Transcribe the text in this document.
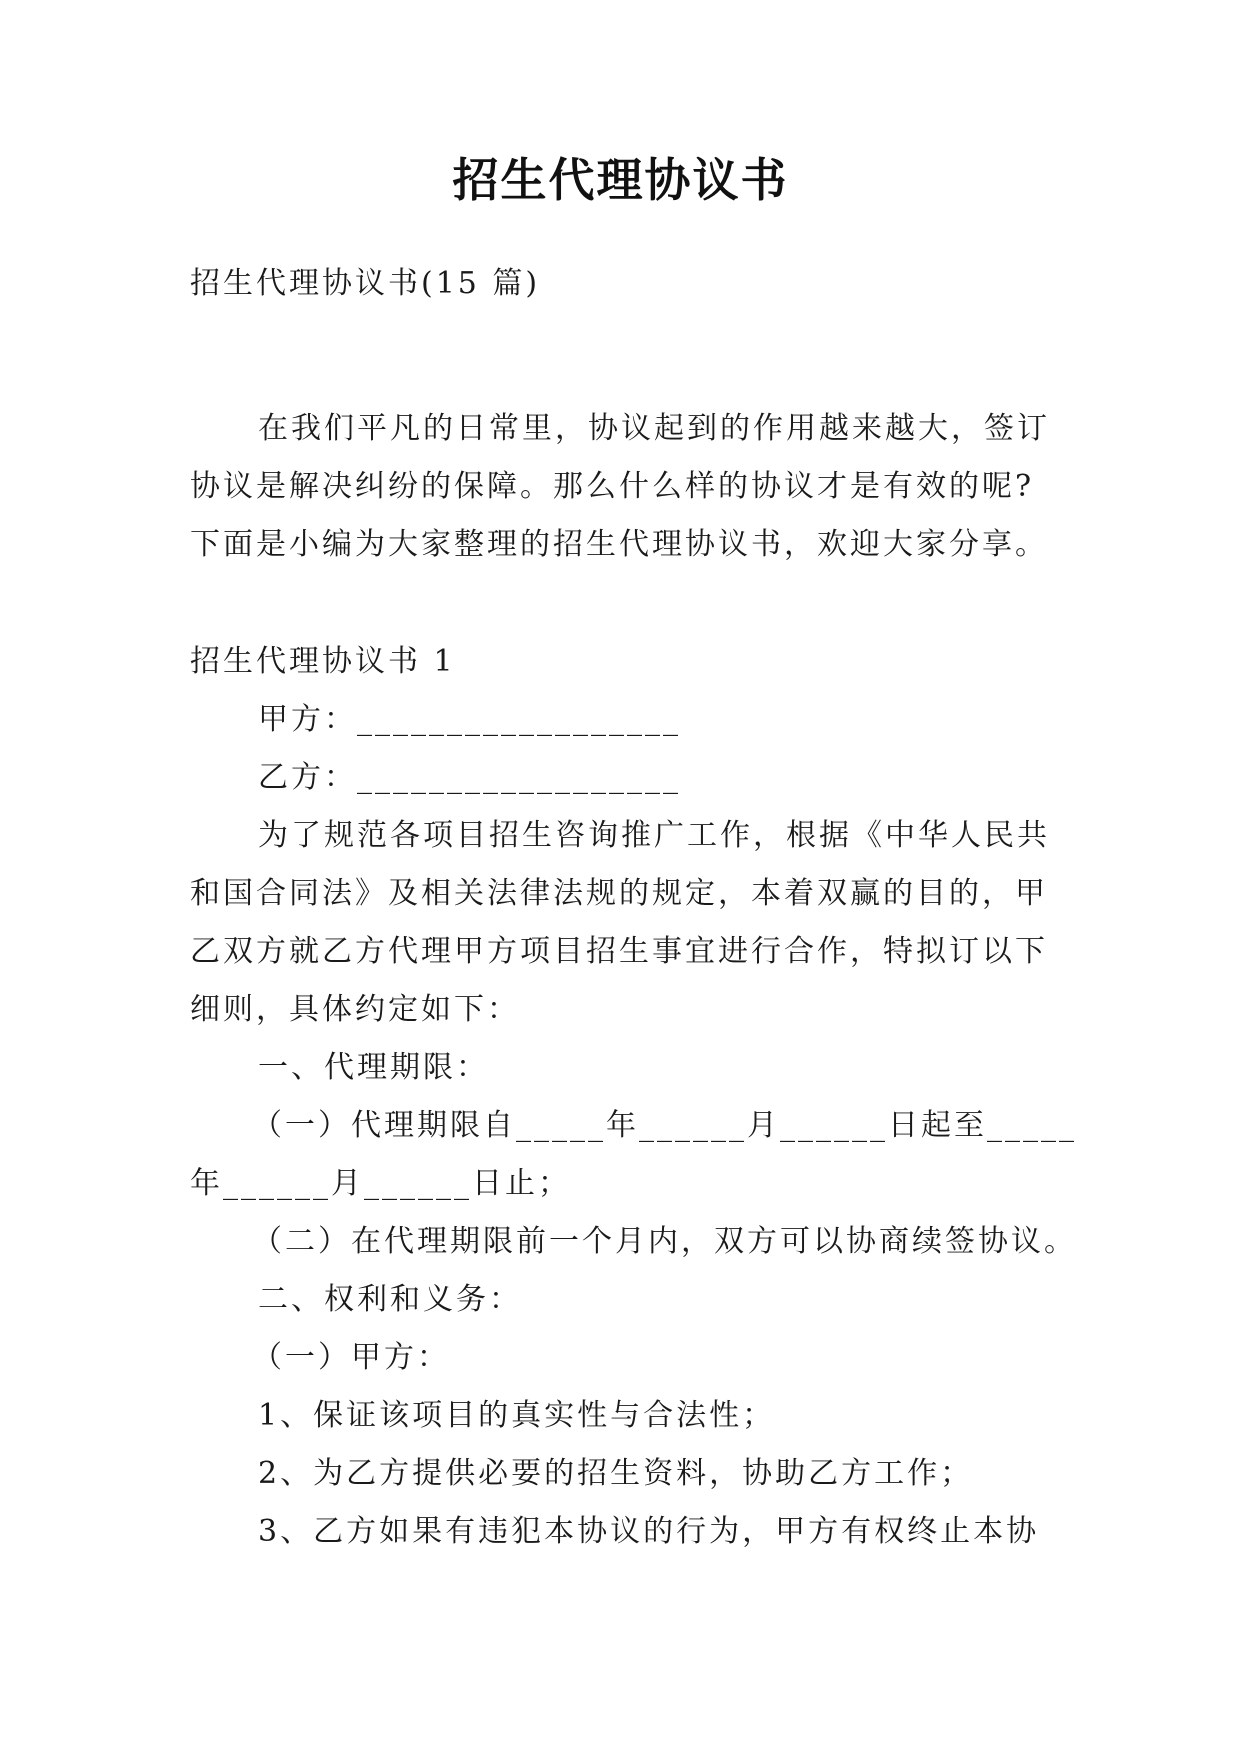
招生代理协议书
招生代理协议书(15 篇)
在我们平凡的日常里，协议起到的作用越来越大，签订
协议是解决纠纷的保障。那么什么样的协议才是有效的呢?
下面是小编为大家整理的招生代理协议书，欢迎大家分享。
招生代理协议书 1
甲方：__________________
乙方：__________________
为了规范各项目招生咨询推广工作，根据《中华人民共
和国合同法》及相关法律法规的规定，本着双赢的目的，甲
乙双方就乙方代理甲方项目招生事宜进行合作，特拟订以下
细则，具体约定如下：
一、代理期限：
（一）代理期限自_____年______月______日起至_____
年______月______日止；
（二）在代理期限前一个月内，双方可以协商续签协议。
二、权利和义务：
（一）甲方：
1、保证该项目的真实性与合法性；
2、为乙方提供必要的招生资料，协助乙方工作；
3、乙方如果有违犯本协议的行为，甲方有权终止本协
